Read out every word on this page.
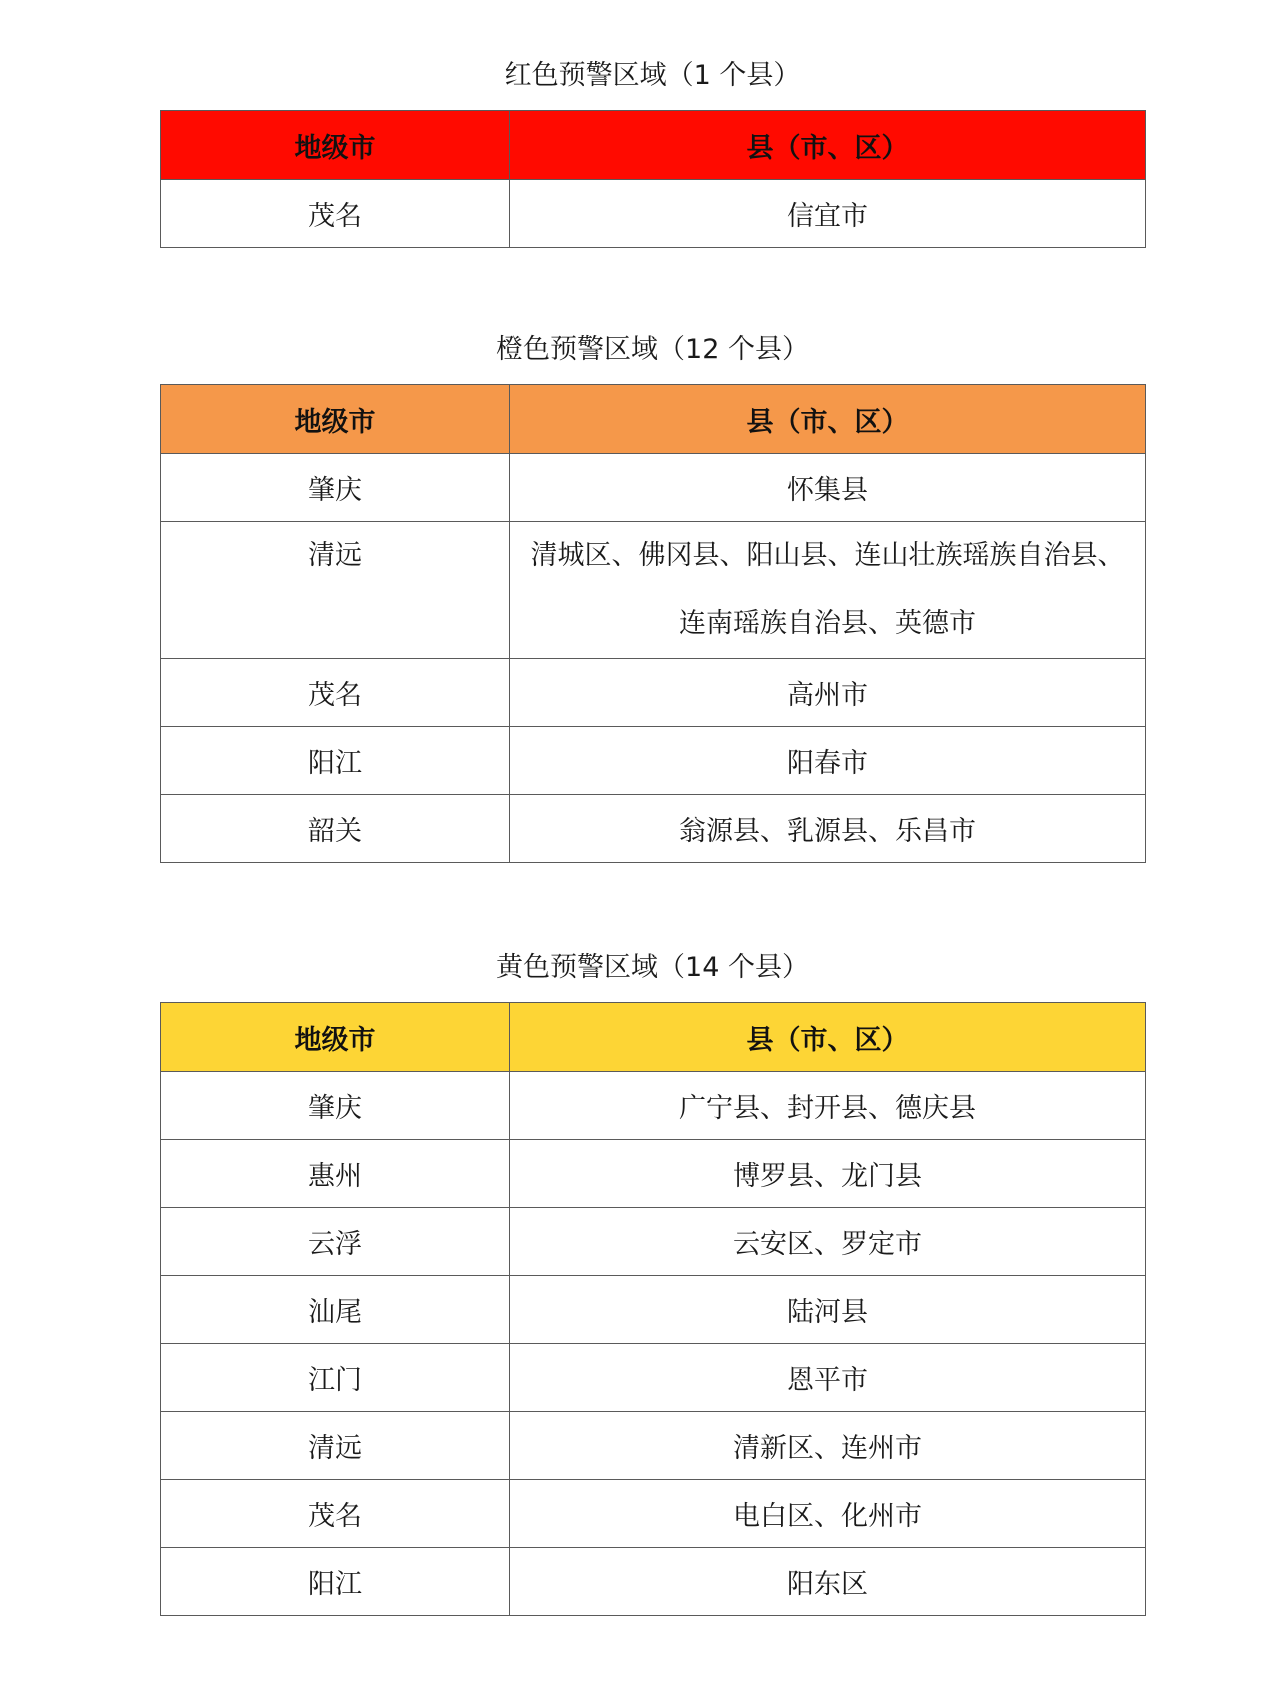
红色预警区域（1 个县）
地级市	县（市、区）
茂名	信宜市
橙色预警区域（12 个县）
地级市	县（市、区）
肇庆	怀集县
清远	清城区、佛冈县、阳山县、连山壮族瑶族自治县、连南瑶族自治县、英德市
茂名	高州市
阳江	阳春市
韶关	翁源县、乳源县、乐昌市
黄色预警区域（14 个县）
地级市	县（市、区）
肇庆	广宁县、封开县、德庆县
惠州	博罗县、龙门县
云浮	云安区、罗定市
汕尾	陆河县
江门	恩平市
清远	清新区、连州市
茂名	电白区、化州市
阳江	阳东区
